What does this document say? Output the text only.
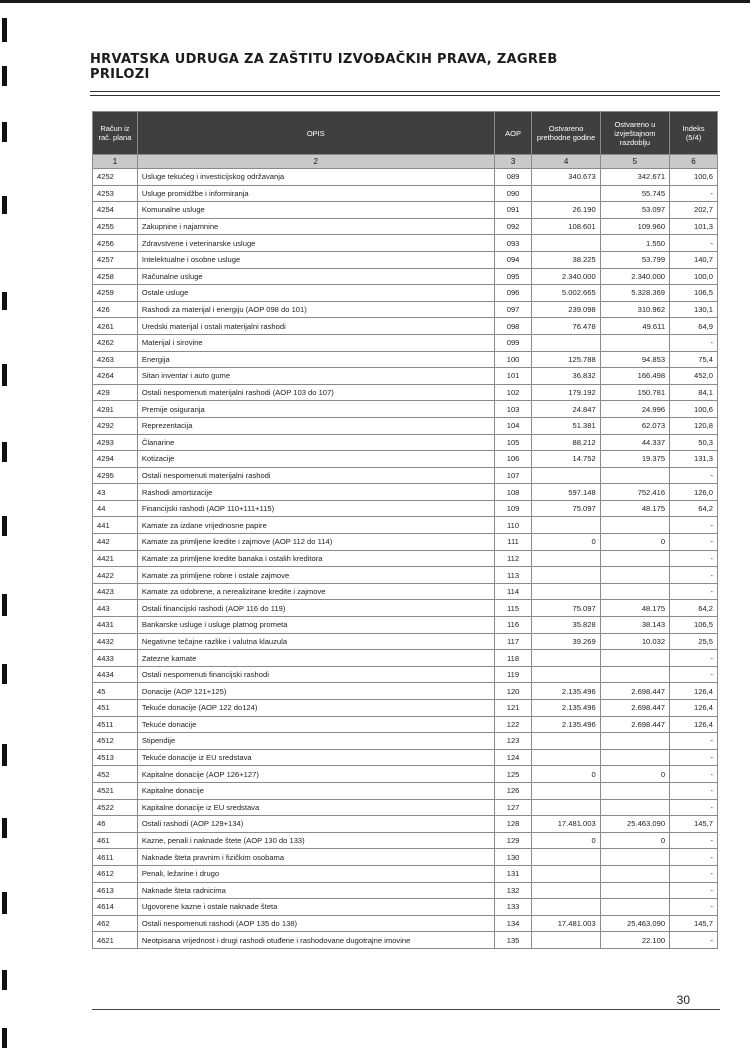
HRVATSKA UDRUGA ZA ZAŠTITU IZVOĐAČKIH PRAVA, ZAGREB
PRILOZI
Račun iz rač. plana	OPIS	AOP	Ostvareno prethodne godine	Ostvareno u izvještajnom razdoblju	Indeks (5/4)
1	2	3	4	5	6
4252	Usluge tekućeg i investicijskog održavanja	089	340.673	342.671	100,6
4253	Usluge promidžbe i informiranja	090		55.745	-
4254	Komunalne usluge	091	26.190	53.097	202,7
4255	Zakupnine i najamnine	092	108.601	109.960	101,3
4256	Zdravstvene i veterinarske usluge	093		1.550	-
4257	Intelektualne i osobne usluge	094	38.225	53.799	140,7
4258	Računalne usluge	095	2.340.000	2.340.000	100,0
4259	Ostale usluge	096	5.002.665	5.328.369	106,5
426	Rashodi za materijal i energiju (AOP 098 do 101)	097	239.098	310.962	130,1
4261	Uredski materijal i ostali materijalni rashodi	098	76.478	49.611	64,9
4262	Materijal i sirovine	099			-
4263	Energija	100	125.788	94.853	75,4
4264	Sitan inventar i auto gume	101	36.832	166.498	452,0
429	Ostali nespomenuti materijalni rashodi (AOP 103 do 107)	102	179.192	150.781	84,1
4291	Premije osiguranja	103	24.847	24.996	100,6
4292	Reprezentacija	104	51.381	62.073	120,8
4293	Članarine	105	88.212	44.337	50,3
4294	Kotizacije	106	14.752	19.375	131,3
4295	Ostali nespomenuti materijalni rashodi	107			-
43	Rashodi amortizacije	108	597.148	752.416	126,0
44	Financijski rashodi (AOP 110+111+115)	109	75.097	48.175	64,2
441	Kamate za izdane vrijednosne papire	110			-
442	Kamate za primljene kredite i zajmove (AOP 112 do 114)	111	0	0	-
4421	Kamate za primljene kredite banaka i ostalih kreditora	112			-
4422	Kamate za primljene robne i ostale zajmove	113			-
4423	Kamate za odobrene, a nerealizirane kredite i zajmove	114			-
443	Ostali financijski rashodi (AOP 116 do 119)	115	75.097	48.175	64,2
4431	Bankarske usluge i usluge platnog prometa	116	35.828	38.143	106,5
4432	Negativne tečajne razlike i valutna klauzula	117	39.269	10.032	25,5
4433	Zatezne kamate	118			-
4434	Ostali nespomenuti financijski rashodi	119			-
45	Donacije (AOP 121+125)	120	2.135.496	2.698.447	126,4
451	Tekuće donacije (AOP 122 do124)	121	2.135.496	2.698.447	126,4
4511	Tekuće donacije	122	2.135.496	2.698.447	126,4
4512	Stipendije	123			-
4513	Tekuće donacije iz EU sredstava	124			-
452	Kapitalne donacije (AOP 126+127)	125	0	0	-
4521	Kapitalne donacije	126			-
4522	Kapitalne donacije iz EU sredstava	127			-
46	Ostali rashodi (AOP 129+134)	128	17.481.003	25.463.090	145,7
461	Kazne, penali i naknade štete (AOP 130 do 133)	129	0	0	-
4611	Naknade šteta pravnim i fizičkim osobama	130			-
4612	Penali, ležarine i drugo	131			-
4613	Naknade šteta radnicima	132			-
4614	Ugovorene kazne i ostale naknade šteta	133			-
462	Ostali nespomenuti rashodi (AOP 135 do 138)	134	17.481.003	25.463.090	145,7
4621	Neotpisana vrijednost i drugi rashodi otuđene i rashodovane dugotrajne imovine	135		22.100	-
30
